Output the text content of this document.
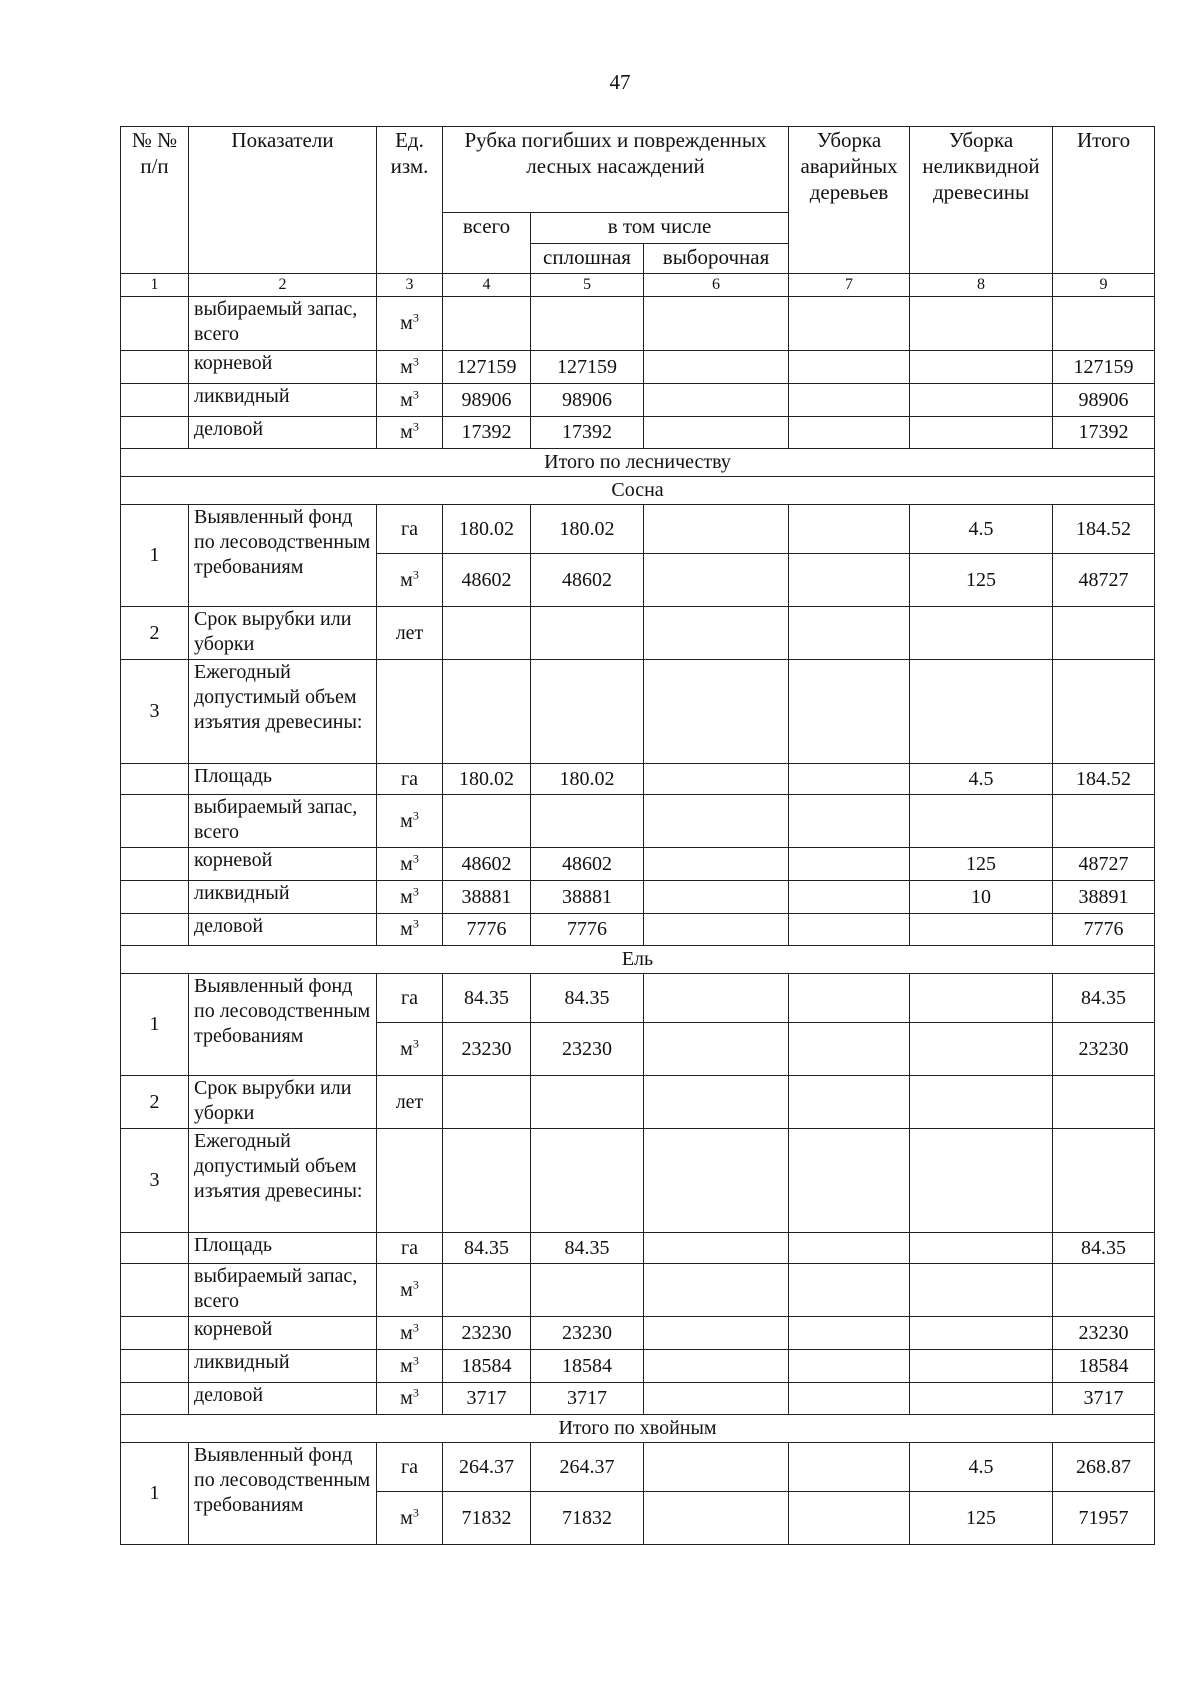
47
№ № п/п	Показатели	Ед. изм.	Рубка погибших и поврежденных лесных насаждений			Уборка аварийных деревьев	Уборка неликвидной древесины	Итого
			всего	в том числе				
				сплошная	выборочная			
1	2	3	4	5	6	7	8	9
	выбираемый запас, всего	$м^3$						
	корневой	$м^3$	127159	127159				127159
	ликвидный	$м^3$	98906	98906				98906
	деловой	$м^3$	17392	17392				17392
Итого по лесничеству								
Сосна								
1	Выявленный фонд по лесоводственным требованиям	га	180.02	180.02			4.5	184.52
		$м^3$	48602	48602			125	48727
2	Срок вырубки или уборки	лет						
3	Ежегодный допустимый объем изъятия древесины:							
	Площадь	га	180.02	180.02			4.5	184.52
	выбираемый запас, всего	$м^3$						
	корневой	$м^3$	48602	48602			125	48727
	ликвидный	$м^3$	38881	38881			10	38891
	деловой	$м^3$	7776	7776				7776
Ель								
1	Выявленный фонд по лесоводственным требованиям	га	84.35	84.35				84.35
		$м^3$	23230	23230				23230
2	Срок вырубки или уборки	лет						
3	Ежегодный допустимый объем изъятия древесины:							
	Площадь	га	84.35	84.35				84.35
	выбираемый запас, всего	$м^3$						
	корневой	$м^3$	23230	23230				23230
	ликвидный	$м^3$	18584	18584				18584
	деловой	$м^3$	3717	3717				3717
Итого по хвойным								
1	Выявленный фонд по лесоводственным требованиям	га	264.37	264.37			4.5	268.87
		$м^3$	71832	71832			125	71957
